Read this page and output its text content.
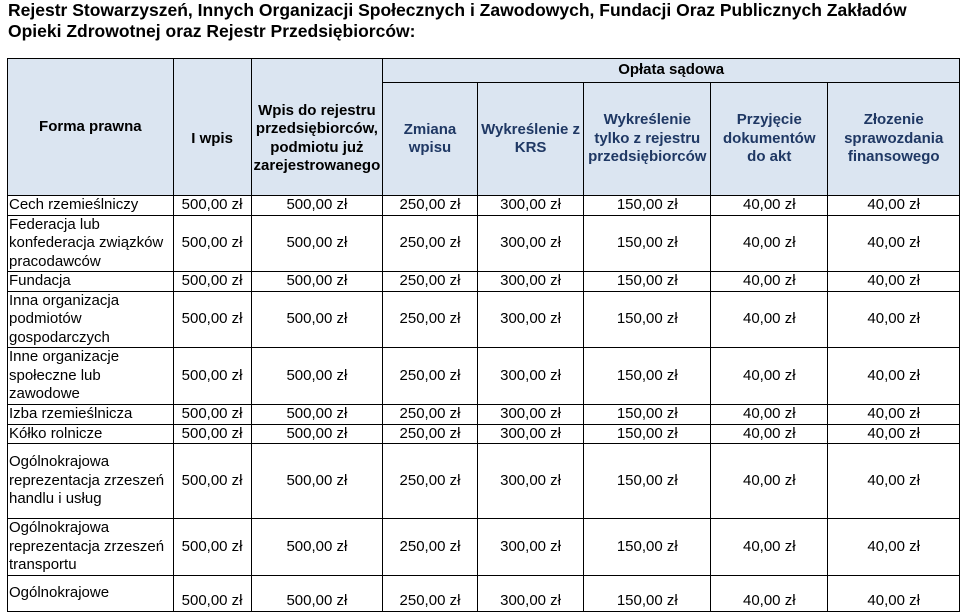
Rejestr Stowarzyszeń, Innych Organizacji Społecznych i Zawodowych, Fundacji Oraz Publicznych Zakładów Opieki Zdrowotnej oraz Rejestr Przedsiębiorców:
Forma prawna			Opłata sądowa				
	I wpis	Wpis do rejestru przedsiębiorców, podmiotu już zarejestrowanego	Zmiana wpisu	Wykreślenie z KRS	Wykreślenie tylko z rejestru przedsiębiorców	Przyjęcie dokumentów do akt	Złozenie sprawozdania finansowego
Cech rzemieślniczy	500,00 zł	500,00 zł	250,00 zł	300,00 zł	150,00 zł	40,00 zł	40,00 zł
Federacja lub konfederacja związków pracodawców	500,00 zł	500,00 zł	250,00 zł	300,00 zł	150,00 zł	40,00 zł	40,00 zł
Fundacja	500,00 zł	500,00 zł	250,00 zł	300,00 zł	150,00 zł	40,00 zł	40,00 zł
Inna organizacja podmiotów gospodarczych	500,00 zł	500,00 zł	250,00 zł	300,00 zł	150,00 zł	40,00 zł	40,00 zł
Inne organizacje społeczne lub zawodowe	500,00 zł	500,00 zł	250,00 zł	300,00 zł	150,00 zł	40,00 zł	40,00 zł
Izba rzemieślnicza	500,00 zł	500,00 zł	250,00 zł	300,00 zł	150,00 zł	40,00 zł	40,00 zł
Kółko rolnicze	500,00 zł	500,00 zł	250,00 zł	300,00 zł	150,00 zł	40,00 zł	40,00 zł
Ogólnokrajowa reprezentacja zrzeszeń handlu i usług	500,00 zł	500,00 zł	250,00 zł	300,00 zł	150,00 zł	40,00 zł	40,00 zł
Ogólnokrajowa reprezentacja zrzeszeń transportu	500,00 zł	500,00 zł	250,00 zł	300,00 zł	150,00 zł	40,00 zł	40,00 zł
Ogólnokrajowe	500,00 zł	500,00 zł	250,00 zł	300,00 zł	150,00 zł	40,00 zł	40,00 zł
